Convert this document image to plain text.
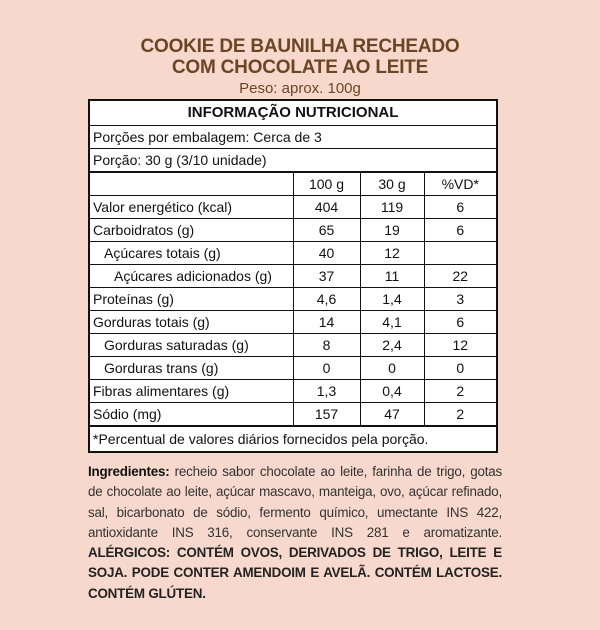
COOKIE DE BAUNILHA RECHEADO
COM CHOCOLATE AO LEITE
Peso: aprox. 100g
INFORMAÇÃO NUTRICIONAL
Porções por embalagem: Cerca de 3
Porção: 30 g (3/10 unidade)
	100 g	30 g	%VD*
Valor energético (kcal)	404	119	6
Carboidratos (g)	65	19	6
Açúcares totais (g)	40	12	
Açúcares adicionados (g)	37	11	22
Proteínas (g)	4,6	1,4	3
Gorduras totais (g)	14	4,1	6
Gorduras saturadas (g)	8	2,4	12
Gorduras trans (g)	0	0	0
Fibras alimentares (g)	1,3	0,4	2
Sódio (mg)	157	47	2
*Percentual de valores diários fornecidos pela porção.
Ingredientes: recheio sabor chocolate ao leite, farinha de trigo, gotas de chocolate ao leite, açúcar mascavo, manteiga, ovo, açúcar refinado, sal, bicarbonato de sódio, fermento químico, umectante INS 422, antioxidante INS 316, conservante INS 281 e aromatizante. ALÉRGICOS: CONTÉM OVOS, DERIVADOS DE TRIGO, LEITE E SOJA. PODE CONTER AMENDOIM E AVELÃ. CONTÉM LACTOSE. CONTÉM GLÚTEN.
